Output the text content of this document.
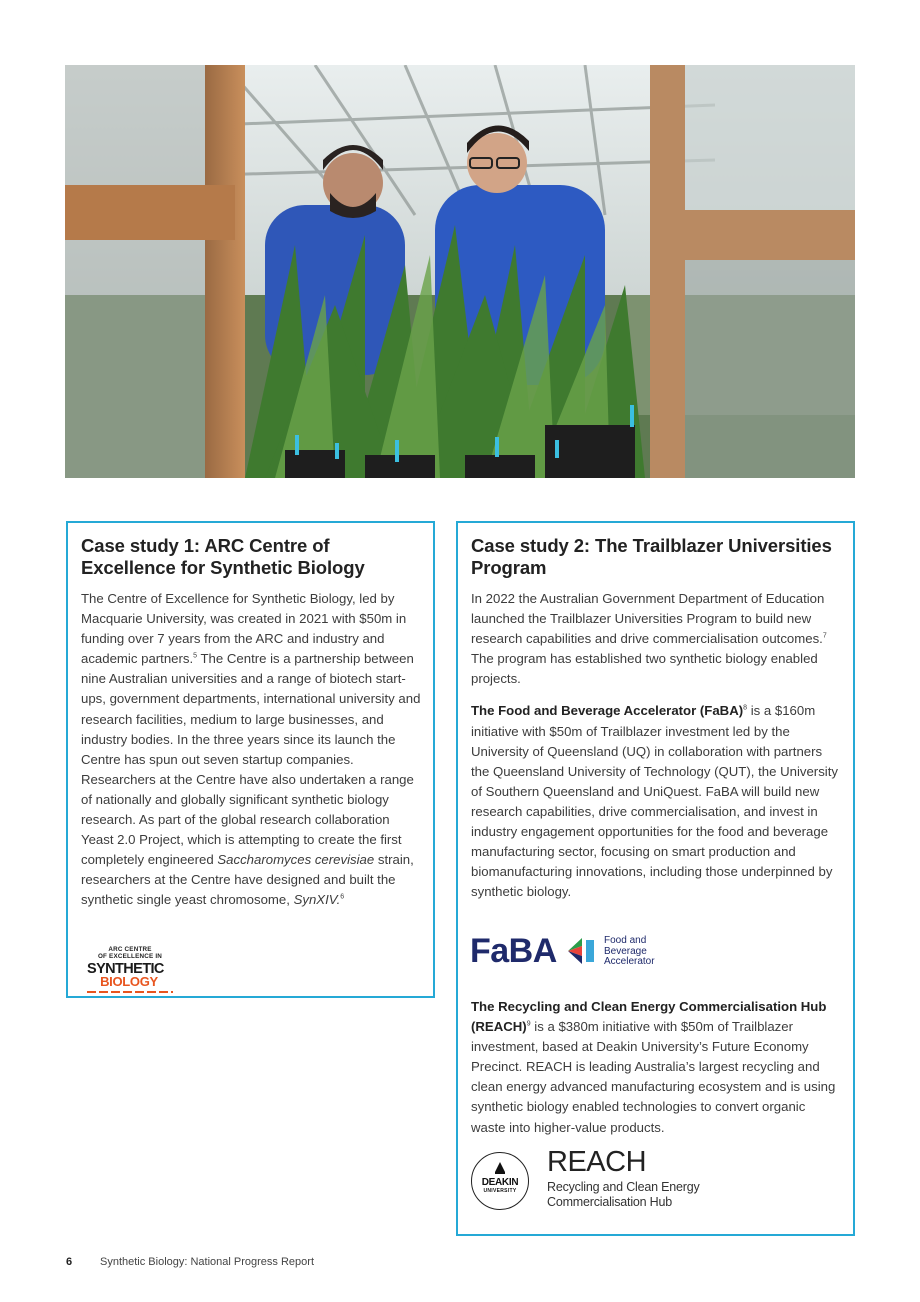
Case study 1: ARC Centre of Excellence for Synthetic Biology

The Centre of Excellence for Synthetic Biology, led by Macquarie University, was created in 2021 with $50m in funding over 7 years from the ARC and industry and academic partners.$^5$ The Centre is a partnership between nine Australian universities and a range of biotech start-ups, government departments, international university and research facilities, medium to large businesses, and industry bodies. In the three years since its launch the Centre has spun out seven startup companies. Researchers at the Centre have also undertaken a range of nationally and globally significant synthetic biology research. As part of the global research collaboration Yeast 2.0 Project, which is attempting to create the first completely engineered Saccharomyces cerevisiae strain, researchers at the Centre have designed and built the synthetic single yeast chromosome, SynXIV.$^6$

ARC CENTRE
OF EXCELLENCE IN
SYNTHETIC
BIOLOGY
Case study 2: The Trailblazer Universities Program

In 2022 the Australian Government Department of Education launched the Trailblazer Universities Program to build new research capabilities and drive commercialisation outcomes.$^7$ The program has established two synthetic biology enabled projects.

The Food and Beverage Accelerator (FaBA)$^8$ is a $160m initiative with $50m of Trailblazer investment led by the University of Queensland (UQ) in collaboration with partners the Queensland University of Technology (QUT), the University of Southern Queensland and UniQuest. FaBA will build new research capabilities, drive commercialisation, and invest in industry engagement opportunities for the food and beverage manufacturing sector, focusing on smart production and biomanufacturing innovations, including those underpinned by synthetic biology.

FaBA	Food and
Beverage
Accelerator

The Recycling and Clean Energy Commercialisation Hub (REACH)$^9$ is a $380m initiative with $50m of Trailblazer investment, based at Deakin University’s Future Economy Precinct. REACH is leading Australia’s largest recycling and clean energy advanced manufacturing ecosystem and is using synthetic biology enabled technologies to convert organic waste into higher-value products.

DEAKIN
UNIVERSITY
REACH
Recycling and Clean Energy
Commercialisation Hub
6	Synthetic Biology: National Progress Report
